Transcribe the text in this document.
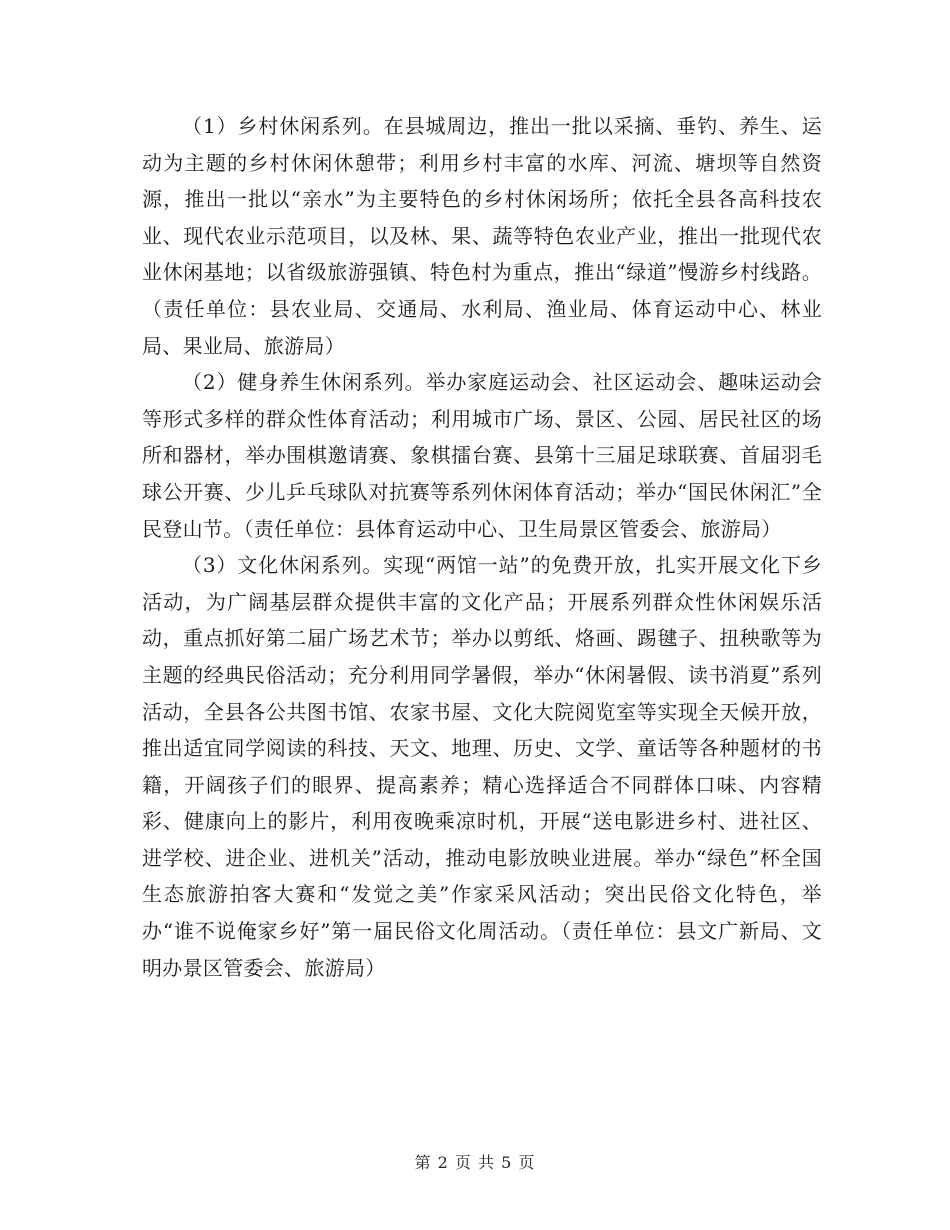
（1）乡村休闲系列。在县城周边，推出一批以采摘、垂钓、养生、运动为主题的乡村休闲休憩带；利用乡村丰富的水库、河流、塘坝等自然资源，推出一批以“亲水”为主要特色的乡村休闲场所；依托全县各高科技农业、现代农业示范项目，以及林、果、蔬等特色农业产业，推出一批现代农业休闲基地；以省级旅游强镇、特色村为重点，推出“绿道”慢游乡村线路。（责任单位：县农业局、交通局、水利局、渔业局、体育运动中心、林业局、果业局、旅游局）

（2）健身养生休闲系列。举办家庭运动会、社区运动会、趣味运动会等形式多样的群众性体育活动；利用城市广场、景区、公园、居民社区的场所和器材，举办围棋邀请赛、象棋擂台赛、县第十三届足球联赛、首届羽毛球公开赛、少儿乒乓球队对抗赛等系列休闲体育活动；举办“国民休闲汇”全民登山节。（责任单位：县体育运动中心、卫生局景区管委会、旅游局）

（3）文化休闲系列。实现“两馆一站”的免费开放，扎实开展文化下乡活动，为广阔基层群众提供丰富的文化产品；开展系列群众性休闲娱乐活动，重点抓好第二届广场艺术节；举办以剪纸、烙画、踢毽子、扭秧歌等为主题的经典民俗活动；充分利用同学暑假，举办“休闲暑假、读书消夏”系列活动，全县各公共图书馆、农家书屋、文化大院阅览室等实现全天候开放，推出适宜同学阅读的科技、天文、地理、历史、文学、童话等各种题材的书籍，开阔孩子们的眼界、提高素养；精心选择适合不同群体口味、内容精彩、健康向上的影片，利用夜晚乘凉时机，开展“送电影进乡村、进社区、进学校、进企业、进机关”活动，推动电影放映业进展。举办“绿色”杯全国生态旅游拍客大赛和“发觉之美”作家采风活动；突出民俗文化特色，举办“谁不说俺家乡好”第一届民俗文化周活动。（责任单位：县文广新局、文明办景区管委会、旅游局）

第 2 页 共 5 页
